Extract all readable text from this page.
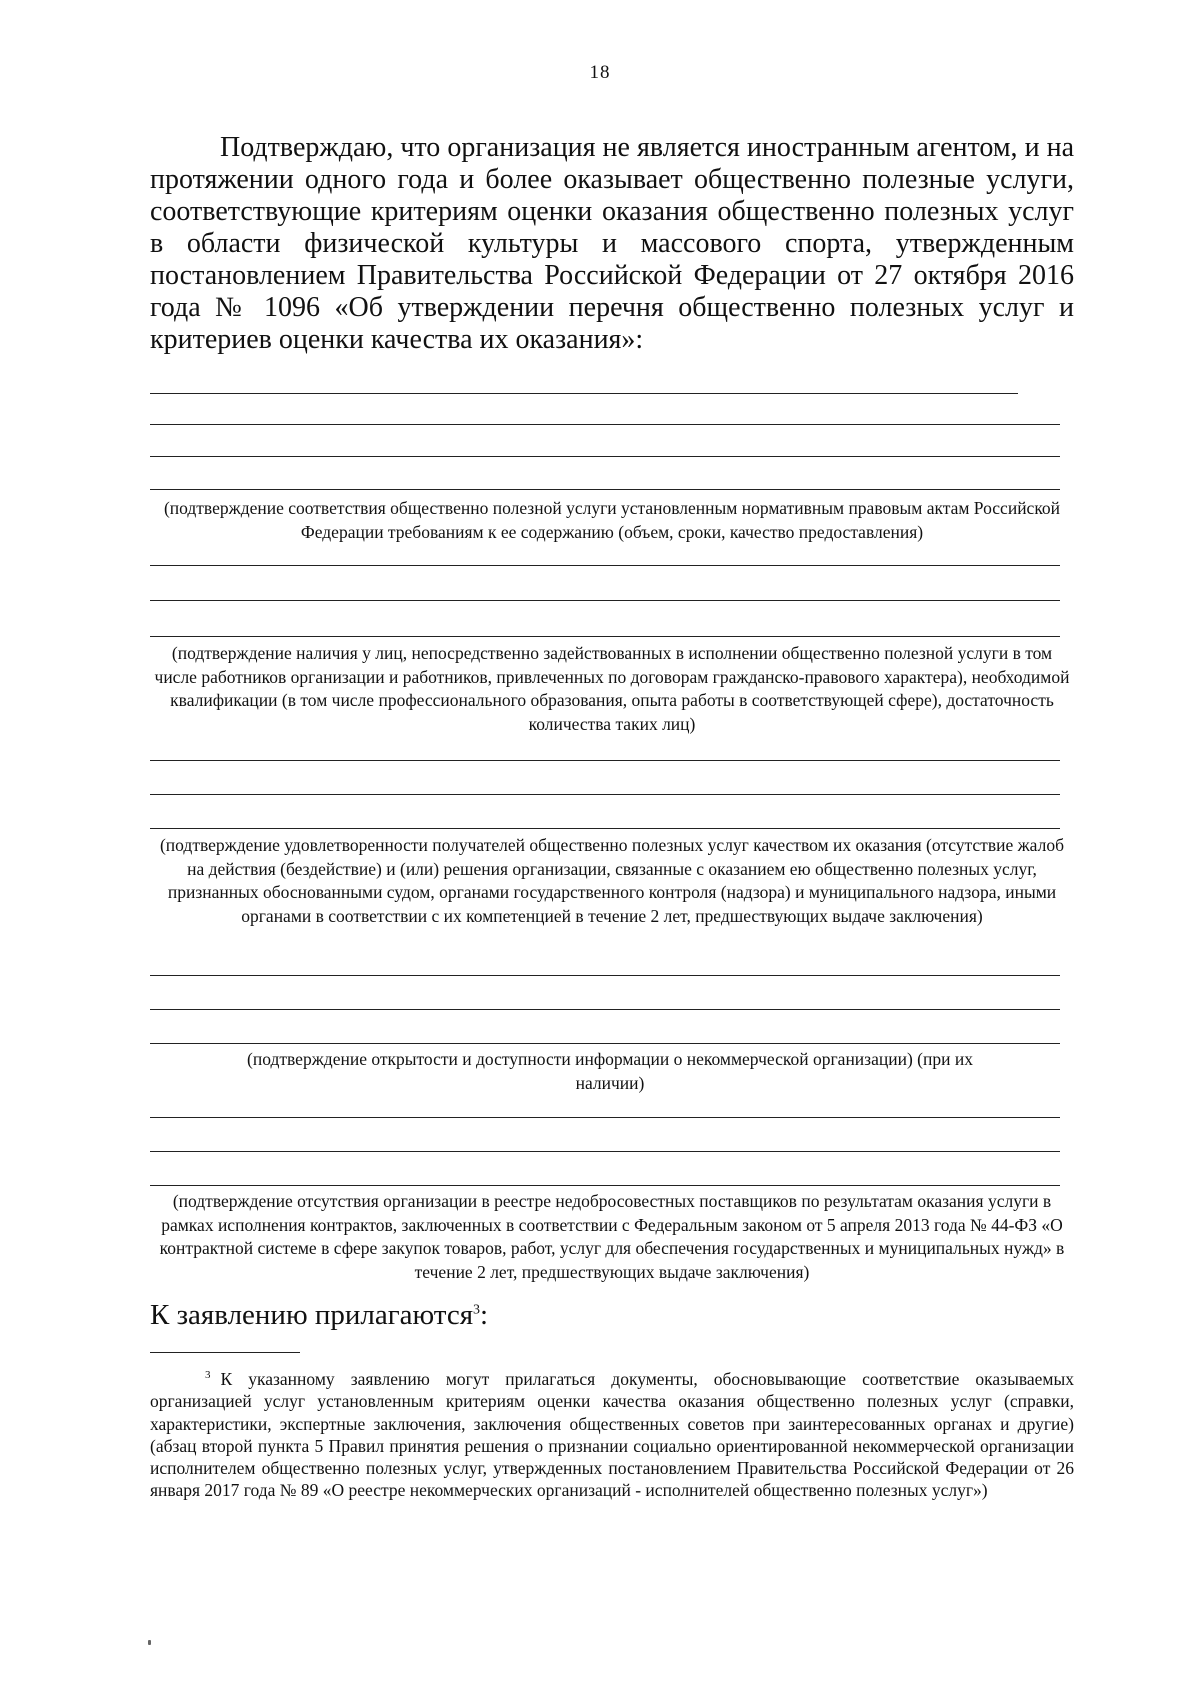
18

Подтверждаю, что организация не является иностранным агентом, и на протяжении одного года и более оказывает общественно полезные услуги, соответствующие критериям оценки оказания общественно полезных услуг в области физической культуры и массового спорта, утвержденным постановлением Правительства Российской Федерации от 27 октября 2016 года № 1096 «Об утверждении перечня общественно полезных услуг и критериев оценки качества их оказания»:

(подтверждение соответствия общественно полезной услуги установленным нормативным правовым актам Российской Федерации требованиям к ее содержанию (объем, сроки, качество предоставления)

(подтверждение наличия у лиц, непосредственно задействованных в исполнении общественно полезной услуги в том числе работников организации и работников, привлеченных по договорам гражданско-правового характера), необходимой квалификации (в том числе профессионального образования, опыта работы в соответствующей сфере), достаточность количества таких лиц)

(подтверждение удовлетворенности получателей общественно полезных услуг качеством их оказания (отсутствие жалоб на действия (бездействие) и (или) решения организации, связанные с оказанием ею общественно полезных услуг, признанных обоснованными судом, органами государственного контроля (надзора) и муниципального надзора, иными органами в соответствии с их компетенцией в течение 2 лет, предшествующих выдаче заключения)

(подтверждение открытости и доступности информации о некоммерческой организации) (при их наличии)

(подтверждение отсутствия организации в реестре недобросовестных поставщиков по результатам оказания услуги в рамках исполнения контрактов, заключенных в соответствии с Федеральным законом от 5 апреля 2013 года № 44-ФЗ «О контрактной системе в сфере закупок товаров, работ, услуг для обеспечения государственных и муниципальных нужд» в течение 2 лет, предшествующих выдаче заключения)

К заявлению прилагаются$^3$:

$^3$ К указанному заявлению могут прилагаться документы, обосновывающие соответствие оказываемых организацией услуг установленным критериям оценки качества оказания общественно полезных услуг (справки, характеристики, экспертные заключения, заключения общественных советов при заинтересованных органах и другие) (абзац второй пункта 5 Правил принятия решения о признании социально ориентированной некоммерческой организации исполнителем общественно полезных услуг, утвержденных постановлением Правительства Российской Федерации от 26 января 2017 года № 89 «О реестре некоммерческих организаций - исполнителей общественно полезных услуг»)
